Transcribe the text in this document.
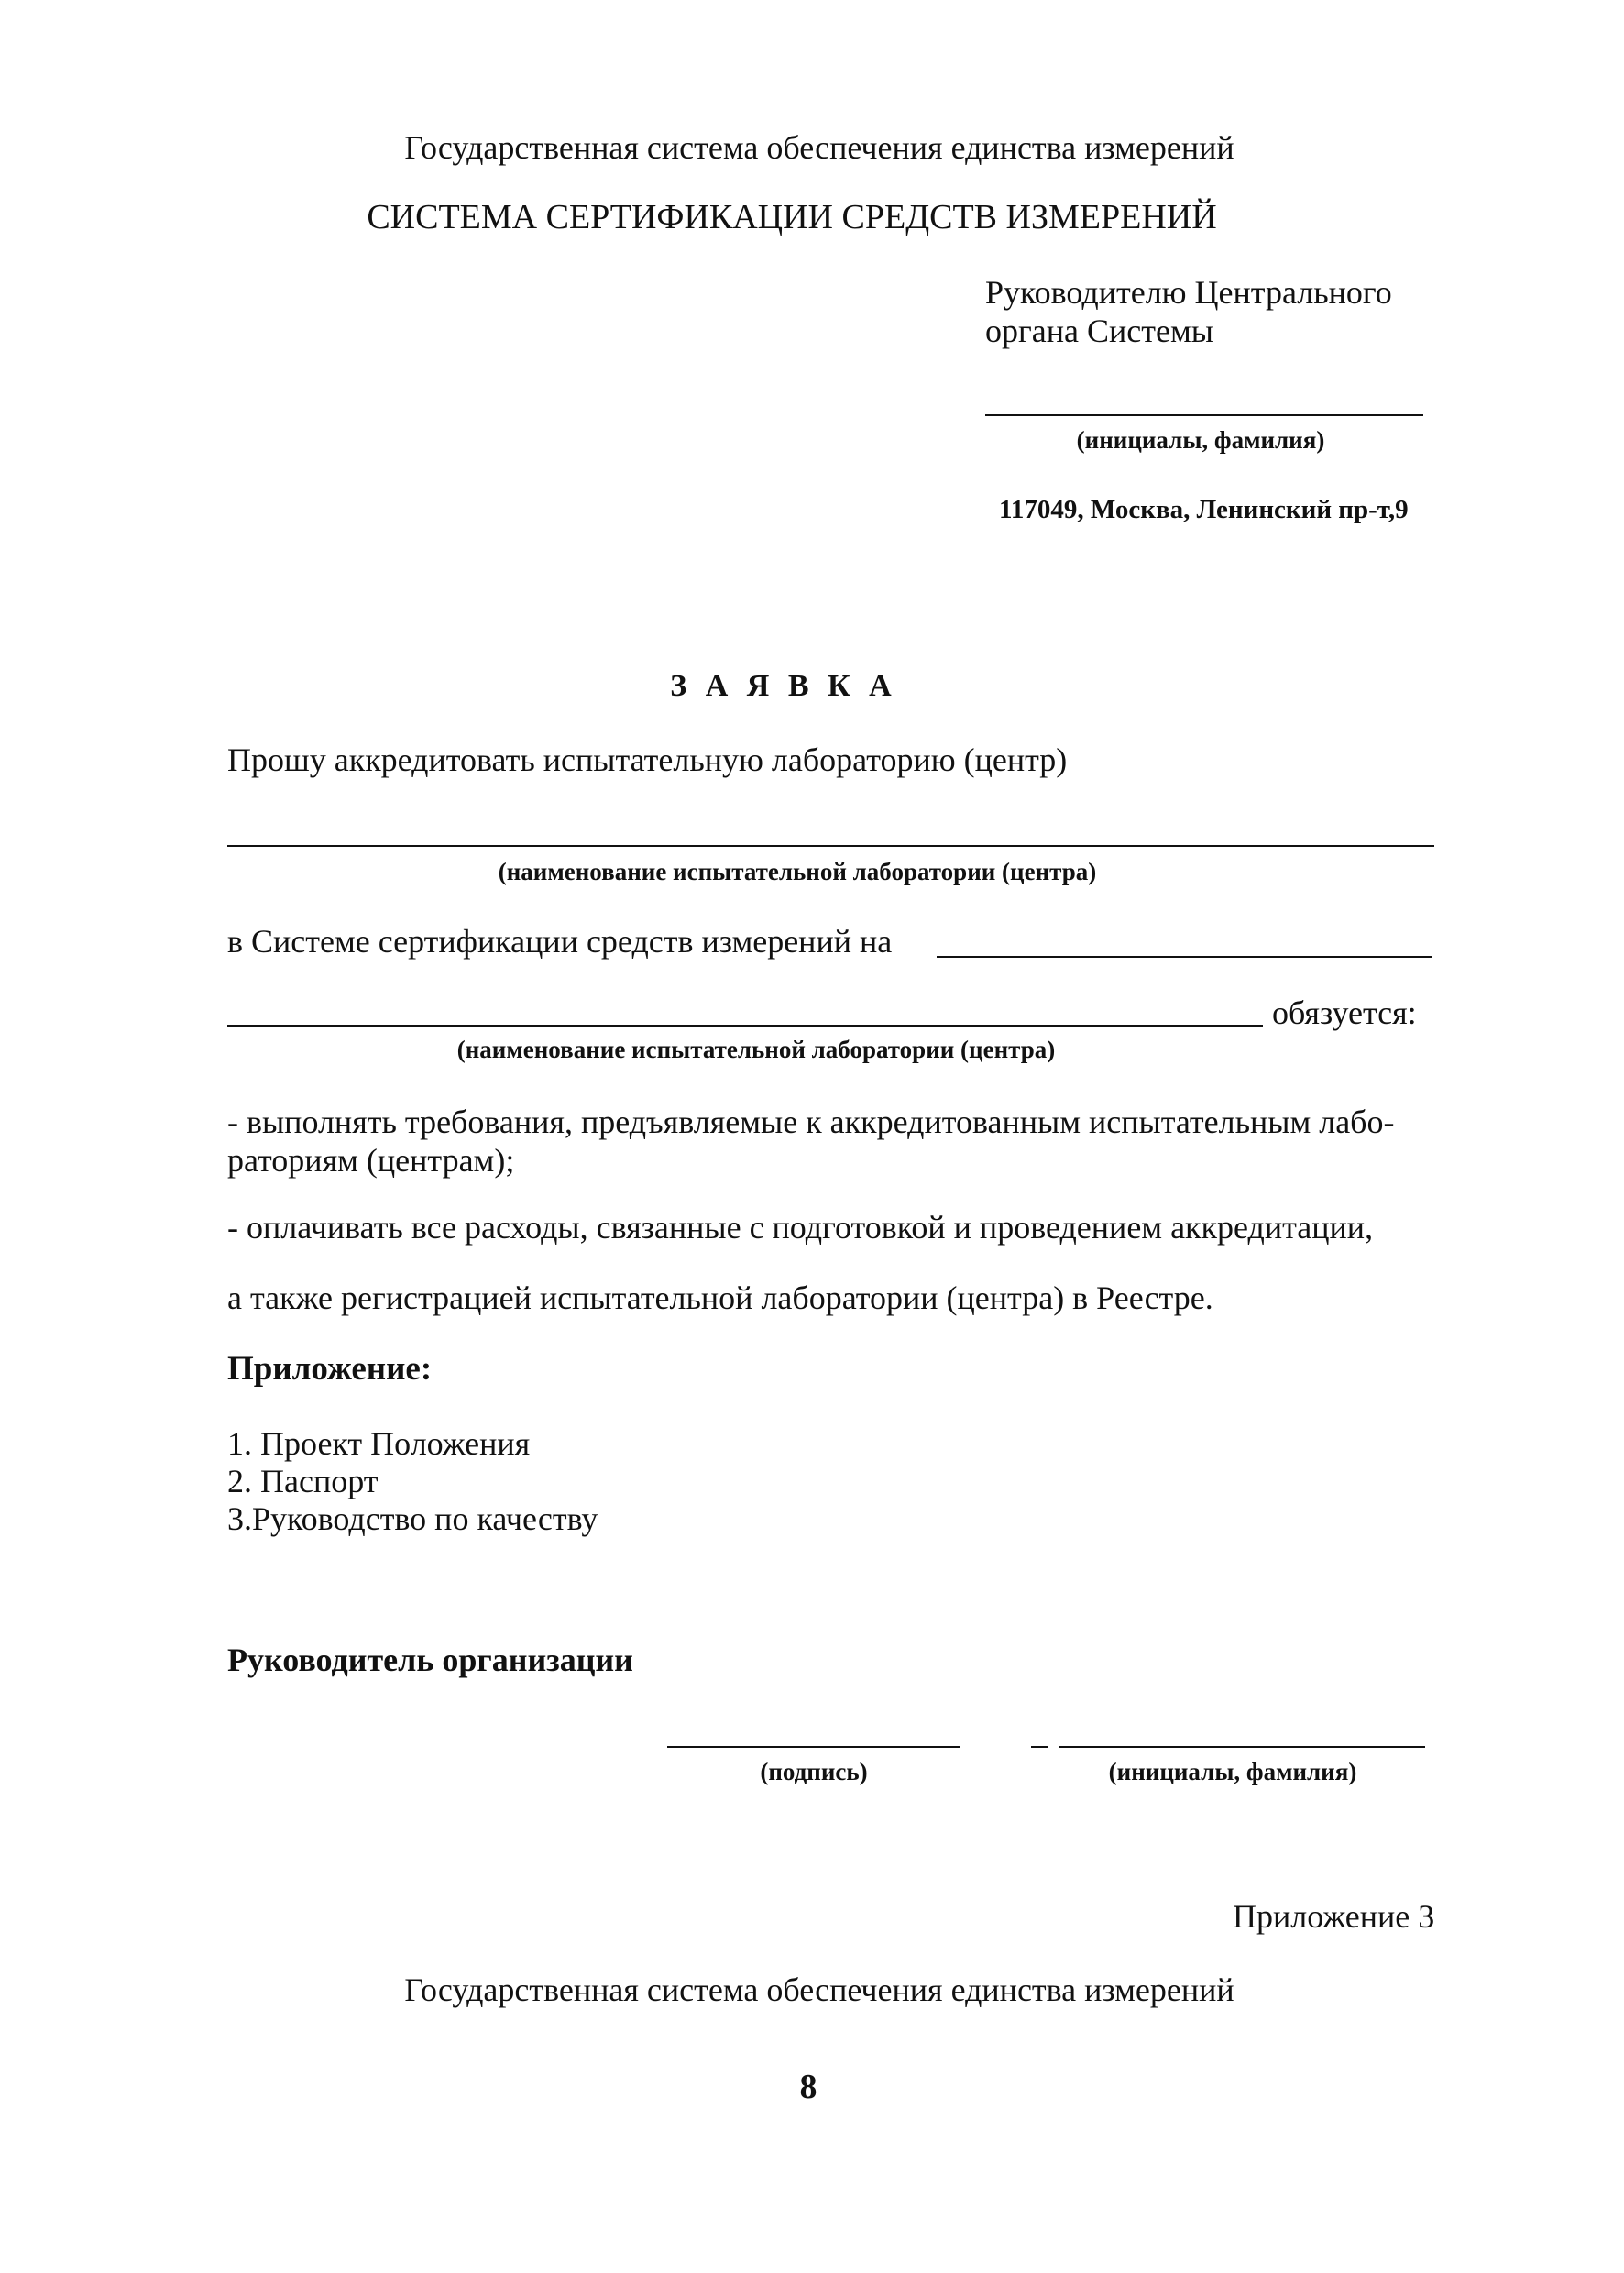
Государственная система обеспечения единства измерений
СИСТЕМА СЕРТИФИКАЦИИ СРЕДСТВ ИЗМЕРЕНИЙ
Руководителю Центрального
органа Системы
(инициалы, фамилия)
117049, Москва, Ленинский пр-т,9
З А Я В К А
Прошу аккредитовать испытательную лабораторию (центр)
(наименование испытательной лаборатории (центра)
в Системе сертификации средств измерений на
обязуется:
(наименование испытательной лаборатории (центра)
- выполнять требования, предъявляемые к аккредитованным испытательным лабо-
раториям (центрам);
- оплачивать все расходы, связанные с подготовкой и проведением аккредитации,
а также регистрацией испытательной лаборатории (центра) в Реестре.
Приложение:
1. Проект Положения
2. Паспорт
3.Руководство по качеству
Руководитель организации
(подпись)	(инициалы, фамилия)
Приложение 3
Государственная система обеспечения единства измерений
8
